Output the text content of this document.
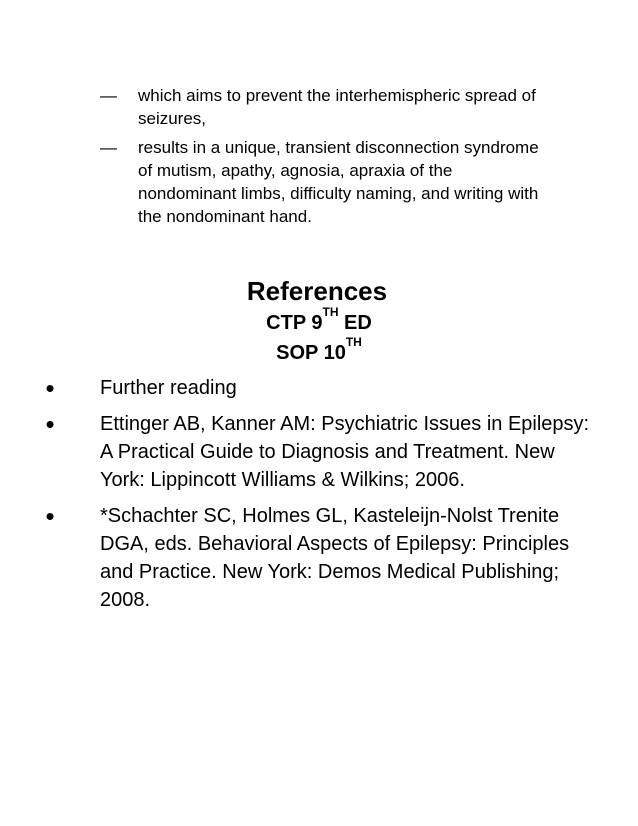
—	which aims to prevent the interhemispheric spread of seizures,
—	results in a unique, transient disconnection syndrome of mutism, apathy, agnosia, apraxia of the nondominant limbs, difficulty naming, and writing with the nondominant hand.
References
CTP 9TH ED
SOP 10TH
•	Further reading
•	Ettinger AB, Kanner AM: Psychiatric Issues in Epilepsy: A Practical Guide to Diagnosis and Treatment. New York: Lippincott Williams & Wilkins; 2006.
•	*Schachter SC, Holmes GL, Kasteleijn-Nolst Trenite DGA, eds. Behavioral Aspects of Epilepsy: Principles and Practice. New York: Demos Medical Publishing; 2008.
